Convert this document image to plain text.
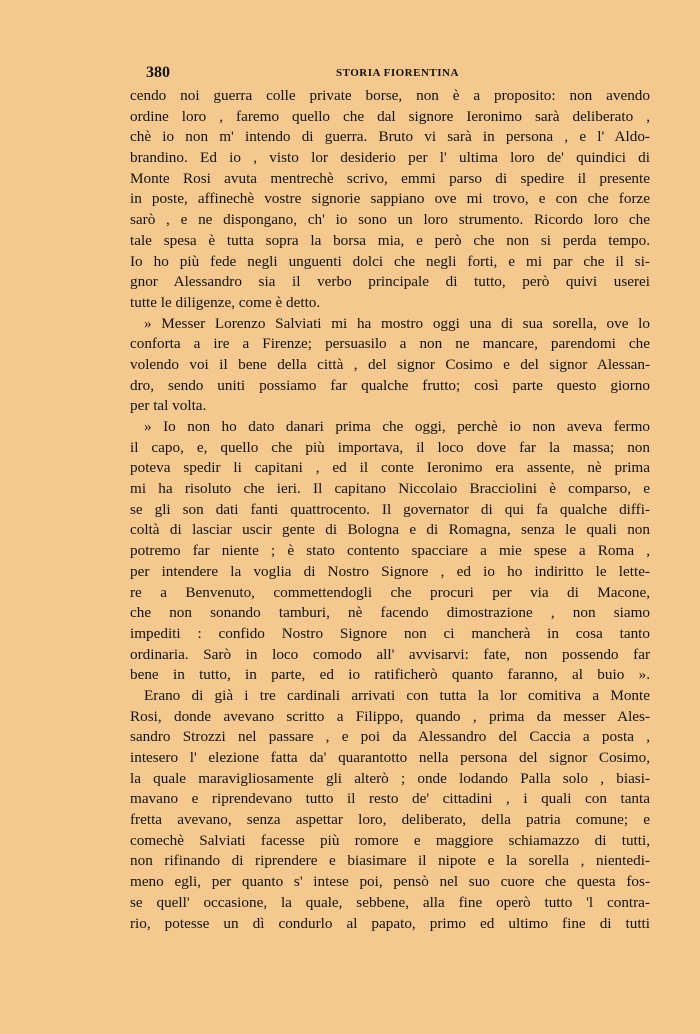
380	STORIA FIORENTINA
cendo noi guerra colle private borse, non è a proposito: non avendo
ordine loro , faremo quello che dal signore Ieronimo sarà deliberato ,
chè io non m' intendo di guerra. Bruto vi sarà in persona , e l' Aldo-
brandino. Ed io , visto lor desiderio per l' ultima loro de' quindici di
Monte Rosi avuta mentrechè scrivo, emmi parso di spedire il presente
in poste, affinechè vostre signorie sappiano ove mi trovo, e con che forze
sarò , e ne dispongano, ch' io sono un loro strumento. Ricordo loro che
tale spesa è tutta sopra la borsa mia, e però che non si perda tempo.
Io ho più fede negli unguenti dolci che negli forti, e mi par che il si-
gnor Alessandro sia il verbo principale di tutto, però quivi userei
tutte le diligenze, come è detto.
» Messer Lorenzo Salviati mi ha mostro oggi una di sua sorella, ove lo
conforta a ire a Firenze; persuasilo a non ne mancare, parendomi che
volendo voi il bene della città , del signor Cosimo e del signor Alessan-
dro, sendo uniti possiamo far qualche frutto; così parte questo giorno
per tal volta.
» Io non ho dato danari prima che oggi, perchè io non aveva fermo
il capo, e, quello che più importava, il loco dove far la massa; non
poteva spedir li capitani , ed il conte Ieronimo era assente, nè prima
mi ha risoluto che ieri. Il capitano Niccolaio Bracciolini è comparso, e
se gli son dati fanti quattrocento. Il governator di qui fa qualche diffi-
coltà di lasciar uscir gente di Bologna e di Romagna, senza le quali non
potremo far niente ; è stato contento spacciare a mie spese a Roma ,
per intendere la voglia di Nostro Signore , ed io ho indiritto le lette-
re a Benvenuto, commettendogli che procuri per via di Macone,
che non sonando tamburi, nè facendo dimostrazione , non siamo
impediti : confido Nostro Signore non ci mancherà in cosa tanto
ordinaria. Sarò in loco comodo all' avvisarvi: fate, non possendo far
bene in tutto, in parte, ed io ratificherò quanto faranno, al buio ».
Erano di già i tre cardinali arrivati con tutta la lor comitiva a Monte
Rosi, donde avevano scritto a Filippo, quando , prima da messer Ales-
sandro Strozzi nel passare , e poi da Alessandro del Caccia a posta ,
intesero l' elezione fatta da' quarantotto nella persona del signor Cosimo,
la quale maravigliosamente gli alterò ; onde lodando Palla solo , biasi-
mavano e riprendevano tutto il resto de' cittadini , i quali con tanta
fretta avevano, senza aspettar loro, deliberato, della patria comune; e
comechè Salviati facesse più romore e maggiore schiamazzo di tutti,
non rifinando di riprendere e biasimare il nipote e la sorella , nientedi-
meno egli, per quanto s' intese poi, pensò nel suo cuore che questa fos-
se quell' occasione, la quale, sebbene, alla fine operò tutto 'l contra-
rio, potesse un dì condurlo al papato, primo ed ultimo fine di tutti
